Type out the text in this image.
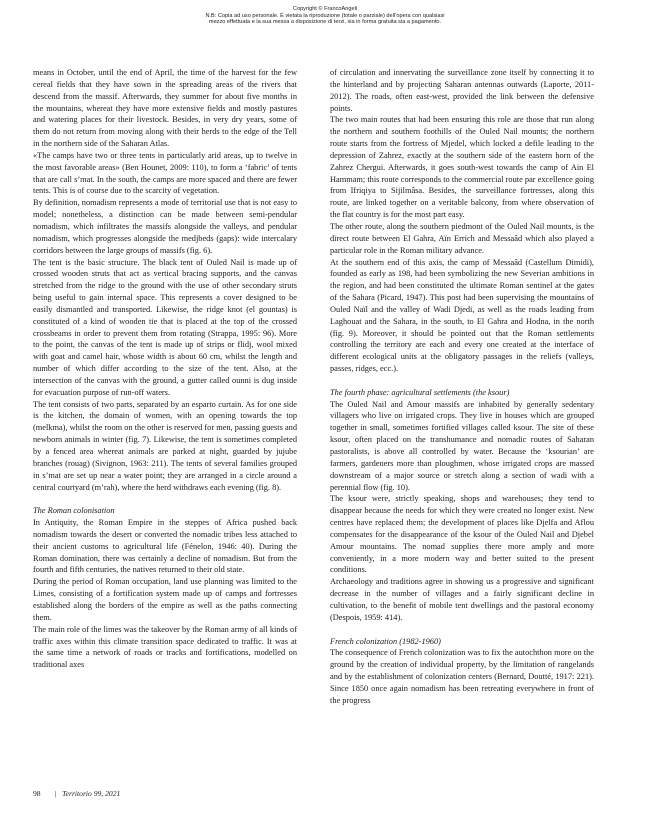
Copyright © FrancoAngeli
N.B: Copia ad uso personale. È vietata la riproduzione (totale o parziale) dell’opera con qualsiasi
mezzo effettuata e la sua messa a disposizione di terzi, sia in forma gratuita sia a pagamento.

means in October, until the end of April, the time of the harvest for the few cereal fields that they have sown in the spreading areas of the rivers that descend from the massif. Afterwards, they summer for about five months in the mountains, whereat they have more extensive fields and mostly pastures and watering places for their livestock. Besides, in very dry years, some of them do not return from moving along with their herds to the edge of the Tell in the northern side of the Saharan Atlas.

«The camps have two or three tents in particularly arid areas, up to twelve in the most favorable areas» (Ben Hounet, 2009: 110), to form a ‘fabric’ of tents that are call s’mat. In the south, the camps are more spaced and there are fewer tents. This is of course due to the scarcity of vegetation.

By definition, nomadism represents a mode of territorial use that is not easy to model; nonetheless, a distinction can be made between semi-pendular nomadism, which infiltrates the massifs alongside the valleys, and pendular nomadism, which progresses alongside the medjbeds (gaps): wide intercalary corridors between the large groups of massifs (fig. 6).

The tent is the basic structure. The black tent of Ouled Nail is made up of crossed wooden struts that act as vertical bracing supports, and the canvas stretched from the ridge to the ground with the use of other secondary struts being useful to gain internal space. This represents a cover designed to be easily dismantled and transported. Likewise, the ridge knot (el gountas) is constituted of a kind of wooden tie that is placed at the top of the crossed crossbeams in order to prevent them from rotating (Strappa, 1995: 96). More to the point, the canvas of the tent is made up of strips or flidj, wool mixed with goat and camel hair, whose width is about 60 cm, whilst the length and number of which differ according to the size of the tent. Also, at the intersection of the canvas with the ground, a gutter called ounni is dug inside for evacuation purpose of run-off waters.

The tent consists of two parts, separated by an esparto curtain. As for one side is the kitchen, the domain of women, with an opening towards the top (melkma), whilst the room on the other is reserved for men, passing guests and newborn animals in winter (fig. 7). Likewise, the tent is sometimes completed by a fenced area whereat animals are parked at night, guarded by jujube branches (rouag) (Sivignon, 1963: 211). The tents of several families grouped in s’mat are set up near a water point; they are arranged in a circle around a central courtyard (m’rah), where the herd withdraws each evening (fig. 8).

The Roman colonisation

In Antiquity, the Roman Empire in the steppes of Africa pushed back nomadism towards the desert or converted the nomadic tribes less attached to their ancient customs to agricultural life (Fénelon, 1946: 40). During the Roman domination, there was certainly a decline of nomadism. But from the fourth and fifth centuries, the natives returned to their old state.

During the period of Roman occupation, land use planning was limited to the Limes, consisting of a fortification system made up of camps and fortresses established along the borders of the empire as well as the paths connecting them.

The main role of the limes was the takeover by the Roman army of all kinds of traffic axes within this climate transition space dedicated to traffic. It was at the same time a network of roads or tracks and fortifications, modelled on traditional axes

of circulation and innervating the surveillance zone itself by connecting it to the hinterland and by projecting Saharan antennas outwards (Laporte, 2011-2012). The roads, often east-west, provided the link between the defensive points.

The two main routes that had been ensuring this role are those that run along the northern and southern foothills of the Ouled Nail mounts; the northern route starts from the fortress of Mjedel, which locked a defile leading to the depression of Zahrez, exactly at the southern side of the eastern horn of the Zahrez Chergui. Afterwards, it goes south-west towards the camp of Ain El Hammam; this route corresponds to the commercial route par excellence going from Ifriqiya to Sijilmâsa. Besides, the surveillance fortresses, along this route, are linked together on a veritable balcony, from where observation of the flat country is for the most part easy.

The other route, along the southern piedmont of the Ouled Nail mounts, is the direct route between El Gahra, Aïn Errich and Messaâd which also played a particular role in the Roman military advance.

At the southern end of this axis, the camp of Messaâd (Castellum Dimidi), founded as early as 198, had been symbolizing the new Severian ambitions in the region, and had been constituted the ultimate Roman sentinel at the gates of the Sahara (Picard, 1947). This post had been supervising the mountains of Ouled Naïl and the valley of Wadi Djedi, as well as the roads leading from Laghouat and the Sahara, in the south, to El Gahra and Hodna, in the north (fig. 9). Moreover, it should be pointed out that the Roman settlements controlling the territory are each and every one created at the interface of different ecological units at the obligatory passages in the reliefs (valleys, passes, ridges, ecc.).

The fourth phase: agricultural settlements (the ksour)

The Ouled Nail and Amour massifs are inhabited by generally sedentary villagers who live on irrigated crops. They live in houses which are grouped together in small, sometimes fortified villages called ksour. The site of these ksour, often placed on the transhumance and nomadic routes of Saharan pastoralists, is above all controlled by water. Because the ‘ksourian’ are farmers, gardeners more than ploughmen, whose irrigated crops are massed downstream of a major source or stretch along a section of wadi with a perennial flow (fig. 10).

The ksour were, strictly speaking, shops and warehouses; they tend to disappear because the needs for which they were created no longer exist. New centres have replaced them; the development of places like Djelfa and Aflou compensates for the disappearance of the ksour of the Ouled Nail and Djebel Amour mountains. The nomad supplies there more amply and more conveniently, in a more modern way and better suited to the present conditions.

Archaeology and traditions agree in showing us a progressive and significant decrease in the number of villages and a fairly significant decline in cultivation, to the benefit of mobile tent dwellings and the pastoral economy (Despois, 1959: 414).

French colonization (1982-1960)

The consequence of French colonization was to fix the autochthon more on the ground by the creation of individual property, by the limitation of rangelands and by the establishment of colonization centers (Bernard, Doutté, 1917: 221). Since 1850 once again nomadism has been retreating everywhere in front of the progress

98 | Territorio 99, 2021
